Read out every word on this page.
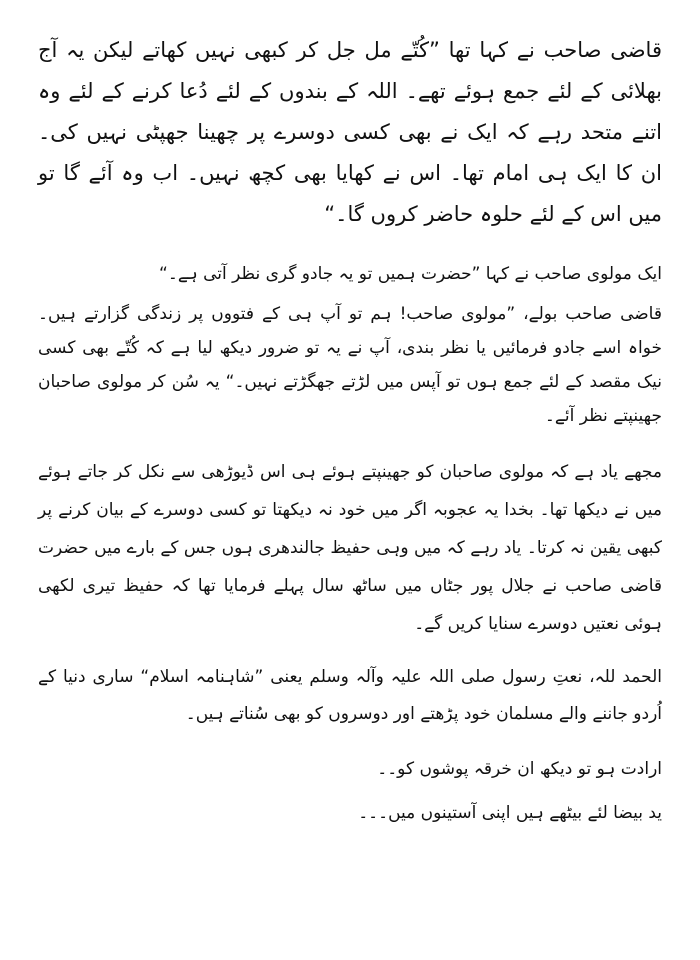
قاضی صاحب نے کہا تھا ”کُتّے مل جل کر کبھی نہیں کھاتے لیکن یہ آج بھلائی کے لئے جمع ہوئے تھے۔ اللہ کے بندوں کے لئے دُعا کرنے کے لئے وہ اتنے متحد رہے کہ ایک نے بھی کسی دوسرے پر چھینا جھپٹی نہیں کی۔ ان کا ایک ہی امام تھا۔ اس نے کھایا بھی کچھ نہیں۔ اب وہ آئے گا تو میں اس کے لئے حلوہ حاضر کروں گا۔“

ایک مولوی صاحب نے کہا ”حضرت ہمیں تو یہ جادو گری نظر آتی ہے۔“

قاضی صاحب بولے، ”مولوی صاحب! ہم تو آپ ہی کے فتووں پر زندگی گزارتے ہیں۔ خواہ اسے جادو فرمائیں یا نظر بندی، آپ نے یہ تو ضرور دیکھ لیا ہے کہ کُتّے بھی کسی نیک مقصد کے لئے جمع ہوں تو آپس میں لڑتے جھگڑتے نہیں۔“ یہ سُن کر مولوی صاحبان جھینپتے نظر آئے۔

مجھے یاد ہے کہ مولوی صاحبان کو جھینپتے ہوئے ہی اس ڈیوڑھی سے نکل کر جاتے ہوئے میں نے دیکھا تھا۔ بخدا یہ عجوبہ اگر میں خود نہ دیکھتا تو کسی دوسرے کے بیان کرنے پر کبھی یقین نہ کرتا۔ یاد رہے کہ میں وہی حفیظ جالندھری ہوں جس کے بارے میں حضرت قاضی صاحب نے جلال پور جٹاں میں ساٹھ سال پہلے فرمایا تھا کہ حفیظ تیری لکھی ہوئی نعتیں دوسرے سنایا کریں گے۔

الحمد للہ، نعتِ رسول صلی اللہ علیہ وآلہ وسلم یعنی ”شاہنامہ اسلام“ ساری دنیا کے اُردو جاننے والے مسلمان خود پڑھتے اور دوسروں کو بھی سُناتے ہیں۔

ارادت ہو تو دیکھ ان خرقہ پوشوں کو۔۔

ید بیضا لئے بیٹھے ہیں اپنی آستینوں میں۔۔۔
